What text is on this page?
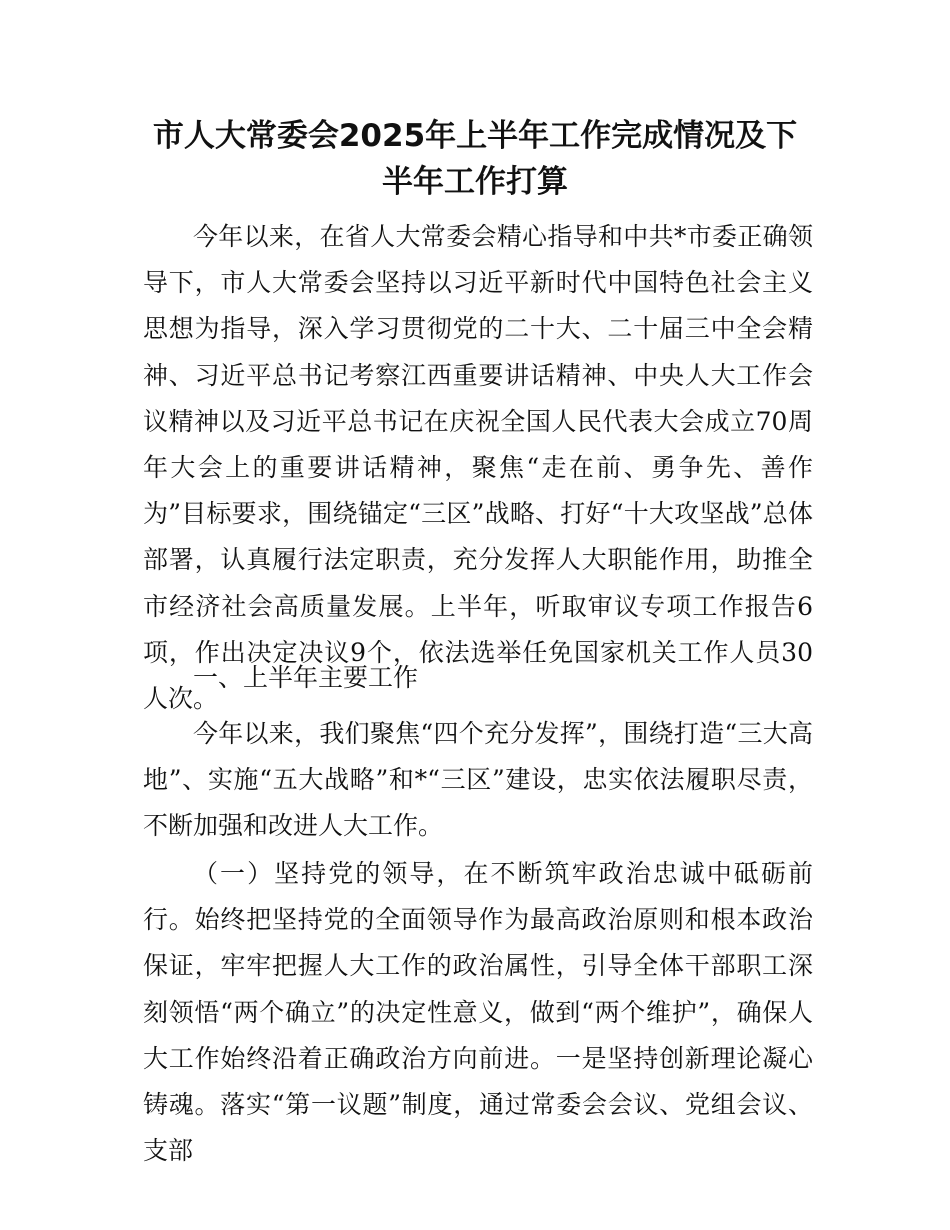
市人大常委会2025年上半年工作完成情况及下
半年工作打算

今年以来，在省人大常委会精心指导和中共*市委正确领导下，市人大常委会坚持以习近平新时代中国特色社会主义思想为指导，深入学习贯彻党的二十大、二十届三中全会精神、习近平总书记考察江西重要讲话精神、中央人大工作会议精神以及习近平总书记在庆祝全国人民代表大会成立70周年大会上的重要讲话精神，聚焦“走在前、勇争先、善作为”目标要求，围绕锚定“三区”战略、打好“十大攻坚战”总体部署，认真履行法定职责，充分发挥人大职能作用，助推全市经济社会高质量发展。上半年，听取审议专项工作报告6项，作出决定决议9个，依法选举任免国家机关工作人员30人次。

一、上半年主要工作

今年以来，我们聚焦“四个充分发挥”，围绕打造“三大高地”、实施“五大战略”和*“三区”建设，忠实依法履职尽责，不断加强和改进人大工作。

（一）坚持党的领导，在不断筑牢政治忠诚中砥砺前行。始终把坚持党的全面领导作为最高政治原则和根本政治保证，牢牢把握人大工作的政治属性，引导全体干部职工深刻领悟“两个确立”的决定性意义，做到“两个维护”，确保人大工作始终沿着正确政治方向前进。一是坚持创新理论凝心铸魂。落实“第一议题”制度，通过常委会会议、党组会议、支部
